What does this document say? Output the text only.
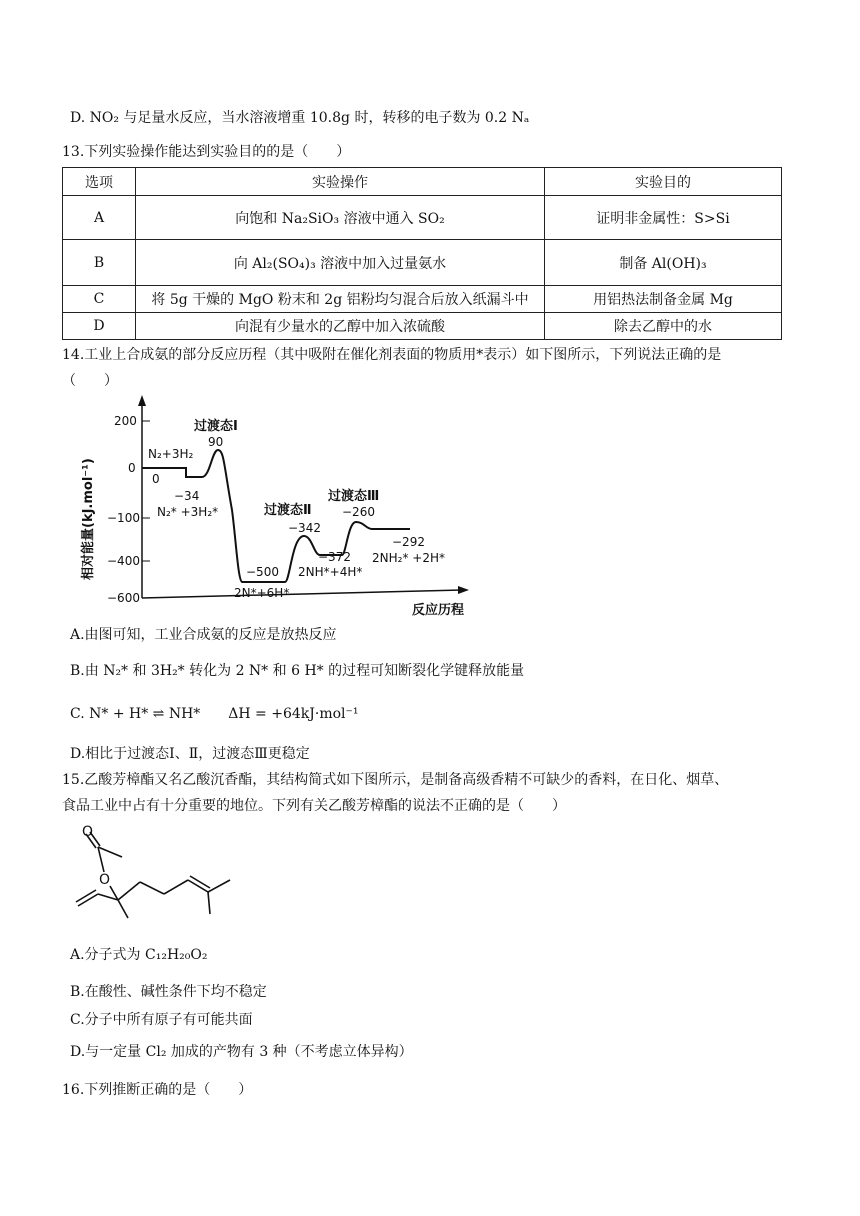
D. NO₂ 与足量水反应，当水溶液增重 10.8g 时，转移的电子数为 0.2 Nₐ
13.下列实验操作能达到实验目的的是（　　）
选项	实验操作	实验目的
A	向饱和 Na₂SiO₃ 溶液中通入 SO₂	证明非金属性：S>Si
B	向 Al₂(SO₄)₃ 溶液中加入过量氨水	制备 Al(OH)₃
C	将 5g 干燥的 MgO 粉末和 2g 铝粉均匀混合后放入纸漏斗中	用铝热法制备金属 Mg
D	向混有少量水的乙醇中加入浓硫酸	除去乙醇中的水
14.工业上合成氨的部分反应历程（其中吸附在催化剂表面的物质用*表示）如下图所示，下列说法正确的是
（　　）
200
0
−100
−400
−600
相对能量(kJ.mol⁻¹)
反应历程
过渡态Ⅰ
90
N₂+3H₂
0
−34
N₂* +3H₂*
−500
2N*+6H*
过渡态Ⅱ
−342
−372
2NH*+4H*
过渡态Ⅲ
−260
−292
2NH₂* +2H*
A.由图可知，工业合成氨的反应是放热反应
B.由 N₂* 和 3H₂* 转化为 2 N* 和 6 H* 的过程可知断裂化学键释放能量
C. N* + H* ⇌ NH*　　ΔH = +64kJ·mol⁻¹
D.相比于过渡态Ⅰ、Ⅱ，过渡态Ⅲ更稳定
15.乙酸芳樟酯又名乙酸沉香酯，其结构简式如下图所示，是制备高级香精不可缺少的香料，在日化、烟草、
食品工业中占有十分重要的地位。下列有关乙酸芳樟酯的说法不正确的是（　　）
O
O
A.分子式为 C₁₂H₂₀O₂
B.在酸性、碱性条件下均不稳定
C.分子中所有原子有可能共面
D.与一定量 Cl₂ 加成的产物有 3 种（不考虑立体异构）
16.下列推断正确的是（　　）
